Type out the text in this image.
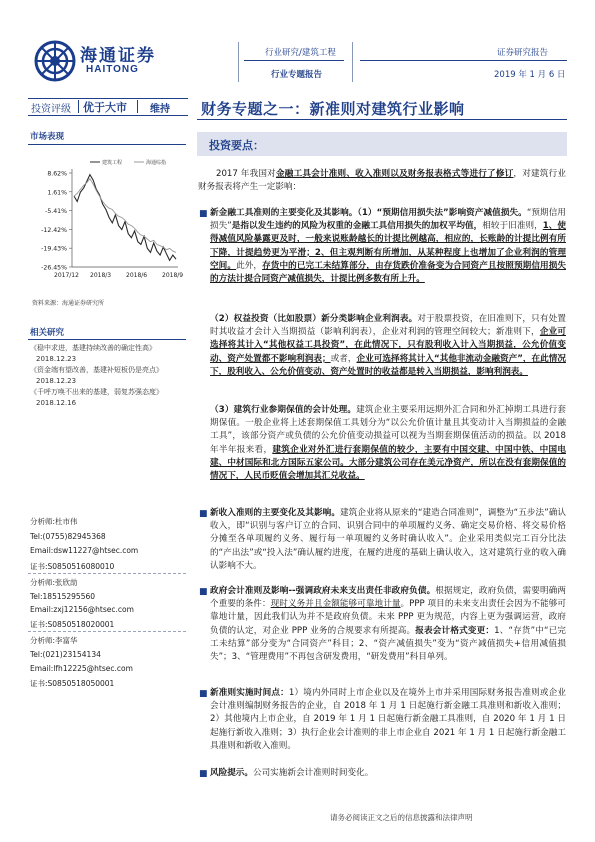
海通证券
HAITONG
行业研究/建筑工程
行业专题报告
证券研究报告
2019 年 1 月 6 日
投资评级 优于大市 维持 财务专题之一：新准则对建筑行业影响
市场表现
8.62%
1.61%
-5.41%
-12.42%
-19.43%
-26.45%
2017/12 2018/3 2018/6 2018/9
建筑工程	海通综指
资料来源：海通证券研究所
相关研究
《稳中求进，基建持续改善的确定性高》
2018.12.23
《资金端有望改善，基建补短板仍是亮点》
2018.12.23
《千呼万唤不出来的基建，弱复苏强态度》
2018.12.16
分析师:杜市伟
Tel:(0755)82945368
Email:dsw11227@htsec.com
证书:S0850516080010
分析师:张欣劼
Tel:18515295560
Email:zxj12156@htsec.com
证书:S0850518020001
分析师:李富华
Tel:(021)23154134
Email:lfh12225@htsec.com
证书:S0850518050001
投资要点：
2017 年我国对金融工具会计准则、收入准则以及财务报表格式等进行了修订，对建筑行业财务报表将产生一定影响：
■ 新金融工具准则的主要变化及其影响。（1）“预期信用损失法”影响资产减值损失。“预期信用损失”是指以发生违约的风险为权重的金融工具信用损失的加权平均值，相较于旧准则，1、使得减值风险暴露更及时，一般来说账龄越长的计提比例越高，相应的，长账龄的计提比例有所下降，计提趋势更为平滑；2、但主观判断有所增加，从某种程度上也增加了企业利润的管理空间。此外，存货中的已完工未结算部分，由存货跌价准备变为合同资产且按照预期信用损失的方法计提合同资产减值损失，计提比例多数有所上升。
（2）权益投资（比如股票）新分类影响企业利润表。对于股票投资，在旧准则下，只有处置时其收益才会计入当期损益（影响利润表），企业对利润的管理空间较大；新准则下，企业可选择将其计入“其他权益工具投资”，在此情况下，只有股利收入计入当期损益，公允价值变动、资产处置都不影响利润表；或者，企业可选择将其计入“其他非流动金融资产”，在此情况下，股利收入、公允价值变动、资产处置时的收益都是转入当期损益，影响利润表。
（3）建筑行业参期保值的会计处理。建筑企业主要采用远期外汇合同和外汇掉期工具进行套期保值。一般企业将上述套期保值工具划分为“以公允价值计量且其变动计入当期损益的金融工具”，该部分资产或负债的公允价值变动损益可以视为当期套期保值活动的损益。以 2018 年半年报来看，建筑企业对外汇进行套期保值的较少，主要有中国交建、中国中铁、中国电建、中材国际和北方国际五家公司。大部分建筑公司存在美元净资产，所以在没有套期保值的情况下，人民币贬值会增加其汇兑收益。
■ 新收入准则的主要变化及其影响。建筑企业将从原来的“建造合同准则”，调整为“五步法”确认收入，即“识别与客户订立的合同、识别合同中的单项履约义务、确定交易价格、将交易价格分摊至各单项履约义务、履行每一单项履约义务时确认收入”。企业采用类似完工百分比法的“产出法”或“投入法”确认履约进度，在履约进度的基础上确认收入，这对建筑行业的收入确认影响不大。
■ 政府会计准则及影响--强调政府未来支出责任非政府负债。根据规定，政府负债，需要明确两个重要的条件：现时义务并且金额能够可靠地计量。PPP 项目的未来支出责任会因为不能够可靠地计量，因此我们认为并不是政府负债。未来 PPP 更为规范，内容上更为强调运营，政府负债的认定，对企业 PPP 业务的合规要求有所提高。报表会计格式变更：1、“存货”中“已完工未结算”部分变为“合同资产”科目；2、“资产减值损失”变为“资产减值损失+信用减值损失”；3、“管理费用”不再包含研发费用，“研发费用”科目单列。
■ 新准则实施时间点：1）境内外同时上市企业以及在境外上市并采用国际财务报告准则或企业会计准则编制财务报告的企业，自 2018 年 1 月 1 日起施行新金融工具准则和新收入准则；2）其他境内上市企业，自 2019 年 1 月 1 日起施行新金融工具准则，自 2020 年 1 月 1 日起施行新收入准则；3）执行企业会计准则的非上市企业自 2021 年 1 月 1 日起施行新金融工具准则和新收入准则。
■ 风险提示。公司实施新会计准则时间变化。
请务必阅读正文之后的信息披露和法律声明
